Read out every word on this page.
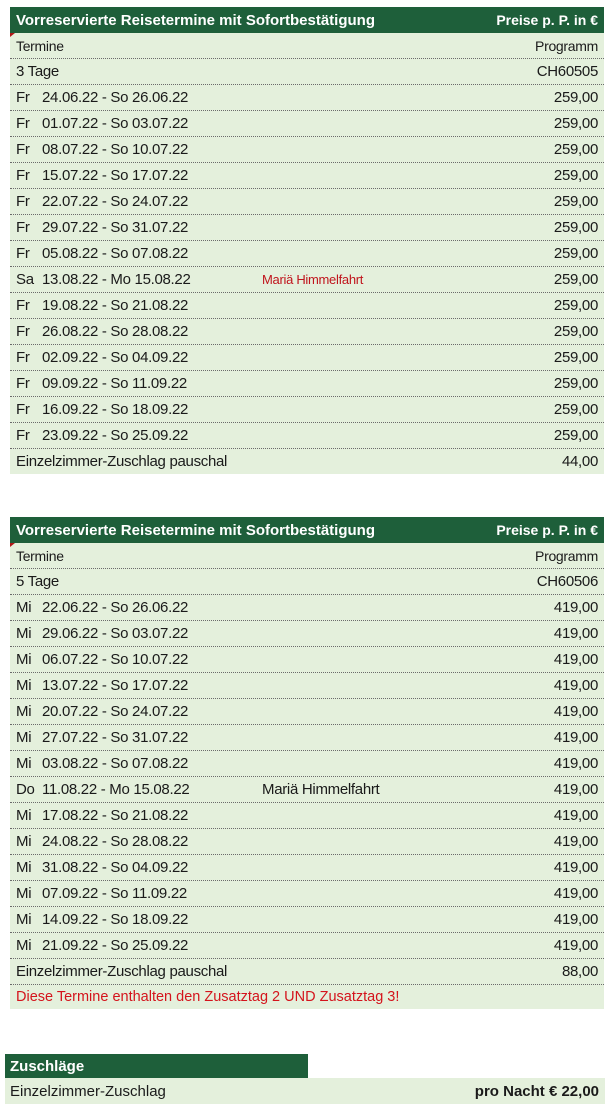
Vorreservierte Reisetermine mit Sofortbestätigung	Preise p. P. in €
Termine	Programm
3 Tage	CH60505
Fr 24.06.22 - So 26.06.22	259,00
Fr 01.07.22 - So 03.07.22	259,00
Fr 08.07.22 - So 10.07.22	259,00
Fr 15.07.22 - So 17.07.22	259,00
Fr 22.07.22 - So 24.07.22	259,00
Fr 29.07.22 - So 31.07.22	259,00
Fr 05.08.22 - So 07.08.22	259,00
Sa 13.08.22 - Mo 15.08.22	Mariä Himmelfahrt	259,00
Fr 19.08.22 - So 21.08.22	259,00
Fr 26.08.22 - So 28.08.22	259,00
Fr 02.09.22 - So 04.09.22	259,00
Fr 09.09.22 - So 11.09.22	259,00
Fr 16.09.22 - So 18.09.22	259,00
Fr 23.09.22 - So 25.09.22	259,00
Einzelzimmer-Zuschlag pauschal	44,00
Vorreservierte Reisetermine mit Sofortbestätigung	Preise p. P. in €
Termine	Programm
5 Tage	CH60506
Mi 22.06.22 - So 26.06.22	419,00
Mi 29.06.22 - So 03.07.22	419,00
Mi 06.07.22 - So 10.07.22	419,00
Mi 13.07.22 - So 17.07.22	419,00
Mi 20.07.22 - So 24.07.22	419,00
Mi 27.07.22 - So 31.07.22	419,00
Mi 03.08.22 - So 07.08.22	419,00
Do 11.08.22 - Mo 15.08.22	Mariä Himmelfahrt	419,00
Mi 17.08.22 - So 21.08.22	419,00
Mi 24.08.22 - So 28.08.22	419,00
Mi 31.08.22 - So 04.09.22	419,00
Mi 07.09.22 - So 11.09.22	419,00
Mi 14.09.22 - So 18.09.22	419,00
Mi 21.09.22 - So 25.09.22	419,00
Einzelzimmer-Zuschlag pauschal	88,00
Diese Termine enthalten den Zusatztag 2 UND Zusatztag 3!
Zuschläge
Einzelzimmer-Zuschlag	pro Nacht € 22,00
